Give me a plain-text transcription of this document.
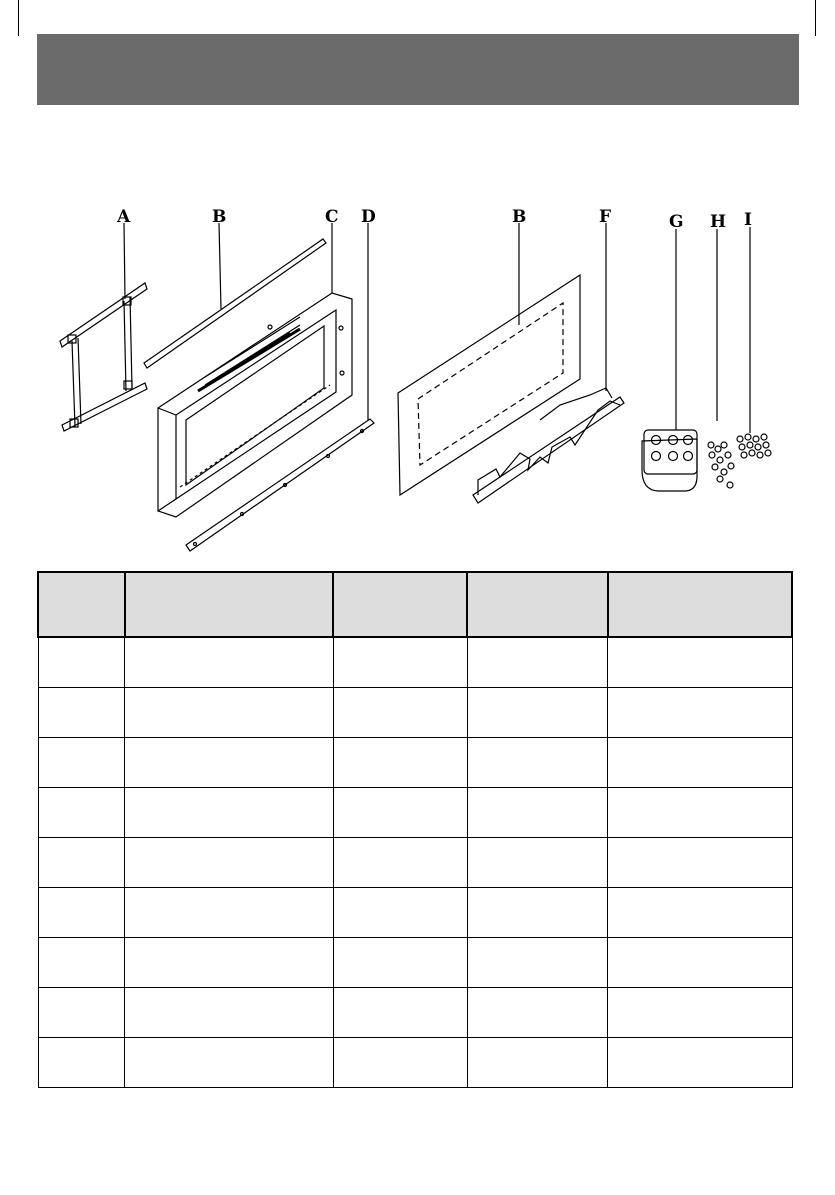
A	B	C D	B	F	G H I
